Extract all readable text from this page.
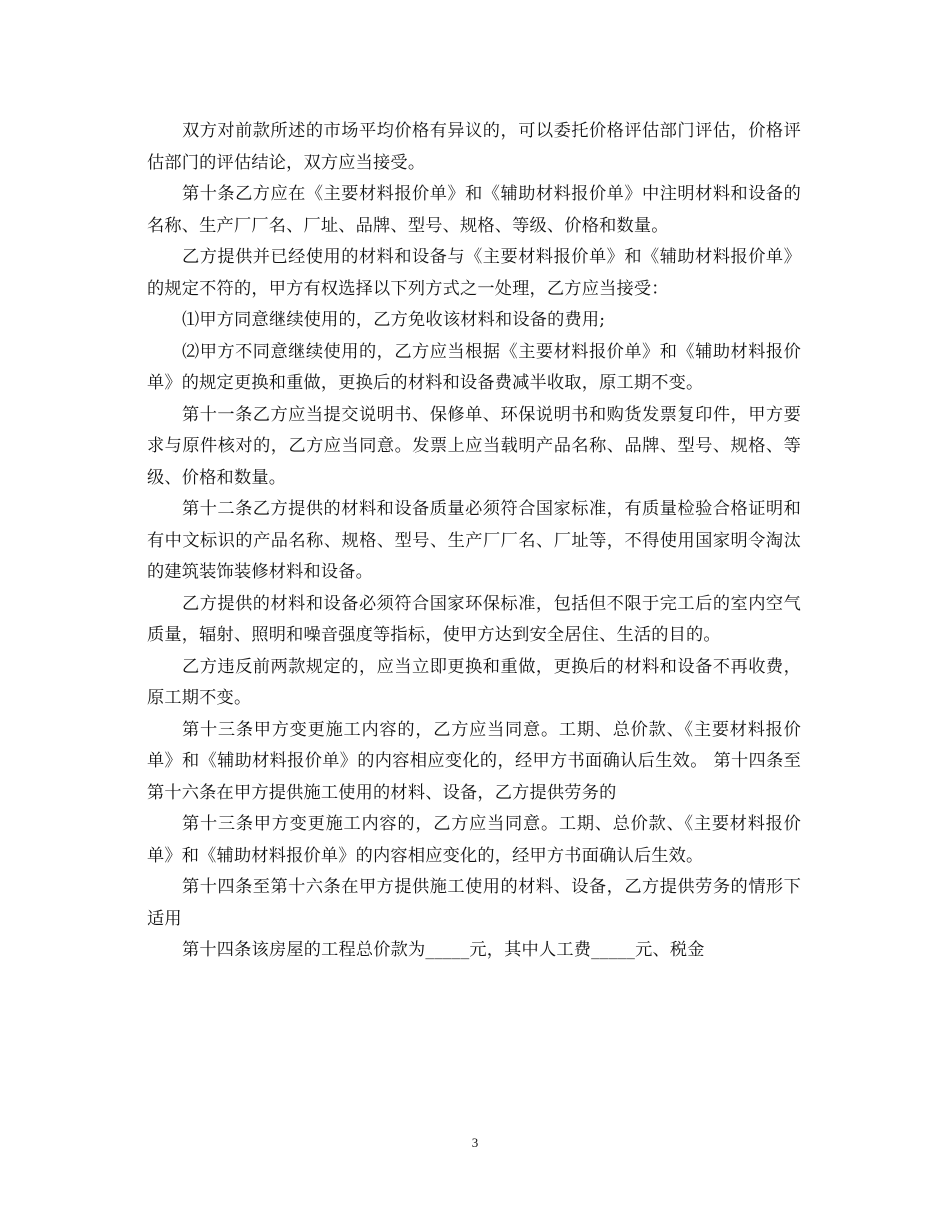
双方对前款所述的市场平均价格有异议的，可以委托价格评估部门评估，价格评估部门的评估结论，双方应当接受。

第十条乙方应在《主要材料报价单》和《辅助材料报价单》中注明材料和设备的名称、生产厂厂名、厂址、品牌、型号、规格、等级、价格和数量。

乙方提供并已经使用的材料和设备与《主要材料报价单》和《辅助材料报价单》的规定不符的，甲方有权选择以下列方式之一处理，乙方应当接受：

⑴甲方同意继续使用的，乙方免收该材料和设备的费用;

⑵甲方不同意继续使用的，乙方应当根据《主要材料报价单》和《辅助材料报价单》的规定更换和重做，更换后的材料和设备费减半收取，原工期不变。

第十一条乙方应当提交说明书、保修单、环保说明书和购货发票复印件，甲方要求与原件核对的，乙方应当同意。发票上应当载明产品名称、品牌、型号、规格、等级、价格和数量。

第十二条乙方提供的材料和设备质量必须符合国家标准，有质量检验合格证明和有中文标识的产品名称、规格、型号、生产厂厂名、厂址等，不得使用国家明令淘汰的建筑装饰装修材料和设备。

乙方提供的材料和设备必须符合国家环保标准，包括但不限于完工后的室内空气质量，辐射、照明和噪音强度等指标，使甲方达到安全居住、生活的目的。

乙方违反前两款规定的，应当立即更换和重做，更换后的材料和设备不再收费，原工期不变。

第十三条甲方变更施工内容的，乙方应当同意。工期、总价款、《主要材料报价单》和《辅助材料报价单》的内容相应变化的，经甲方书面确认后生效。 第十四条至第十六条在甲方提供施工使用的材料、设备，乙方提供劳务的

第十三条甲方变更施工内容的，乙方应当同意。工期、总价款、《主要材料报价单》和《辅助材料报价单》的内容相应变化的，经甲方书面确认后生效。

第十四条至第十六条在甲方提供施工使用的材料、设备，乙方提供劳务的情形下适用

第十四条该房屋的工程总价款为_____元，其中人工费_____元、税金

3
